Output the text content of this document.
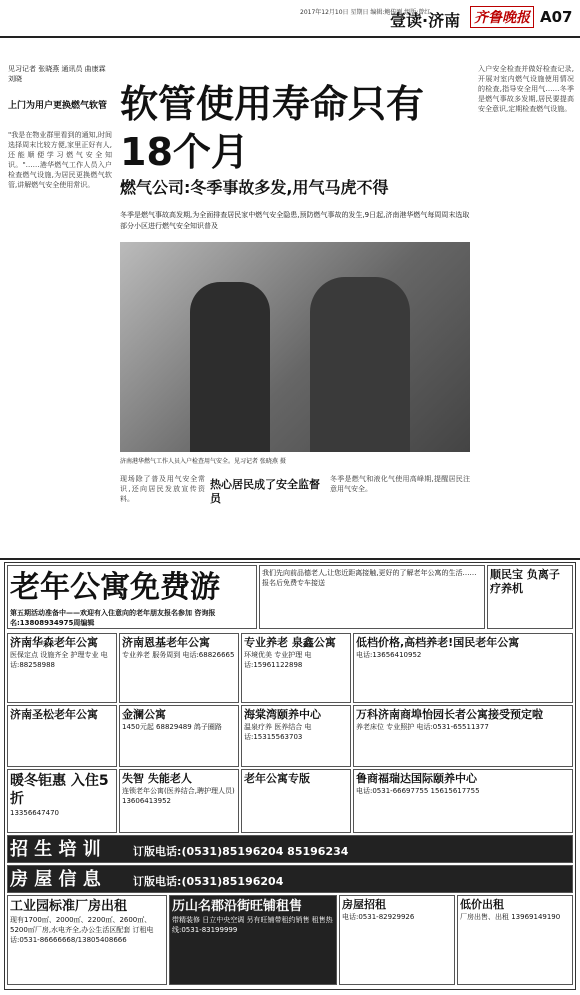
2017年12月10日 星期日 编辑:鲍传刚 组版:曾红
壹读·济南 齐鲁晚报 A07
见习记者 张晓燕 通讯员 曲康霖 刘晓
上门为用户更换燃气软管 软管使用寿命只有18个月
燃气公司:冬季事故多发,用气马虎不得
冬季是燃气事故高发期,为全面排查居民家中燃气安全隐患,预防燃气事故的发生,9日起,济南港华燃气每周周末选取部分小区进行燃气安全知识普及
"我是在物业群里看到的通知,时间选择周末比较方便,家里正好有人,还能顺便学习燃气安全知识。"……港华燃气工作人员入户检查燃气设施,为居民更换燃气软管,讲解燃气安全使用常识。
入户安全检查并做好检查记录,开展对室内燃气设施使用情况的检查,指导安全用气……冬季是燃气事故多发期,居民要提高安全意识,定期检查燃气设施。
济南港华燃气工作人员入户检查用气安全。见习记者 张晓燕 摄
现场除了普及用气安全常识,还向居民发放宣传资料。
热心居民成了安全监督员
冬季是燃气和液化气使用高峰期,提醒居民注意用气安全。
老年公寓免费游
第五期活动准备中——欢迎有入住意向的老年朋友报名参加 咨询报名:13808934975周编辑
我们先向前品德老人,让您近距离接触,更好的了解老年公寓的生活……报名后免费专车接送
顺民宝 负离子疗养机
济南华森老年公寓
医保定点 设施齐全 护理专业 电话:88258988
济南恩基老年公寓
专业养老 服务周到 电话:68826665
专业养老 泉鑫公寓
环境优美 专业护理 电话:15961122898
低档价格,高档养老!国民老年公寓
电话:13656410952
济南圣松老年公寓	金澜公寓
1450元起 68829489 鸽子圈路
海棠湾颐养中心
温泉疗养 医养结合 电话:15315563703
万科济南商埠怡园长者公寓接受预定啦
养老床位 专业照护 电话:0531-65511377
暖冬钜惠 入住5折
13356647470
失智 失能老人
连锁老年公寓(医养结合,聘护理人员) 13606413952
老年公寓专版	鲁商福瑞达国际颐养中心
电话:0531-66697755 15615617755
招 生 培 训	订版电话:(0531)85196204 85196234
房 屋 信 息	订版电话:(0531)85196204
工业园标准厂房出租
现有1700㎡、2000㎡、2200㎡、2600㎡、5200㎡厂房,水电齐全,办公生活区配套 订租电话:0531-86666668/13805408666
历山名郡沿街旺铺租售
带精装修 日立中央空调 另有旺铺带租约销售 租售热线:0531-83199999
房屋招租
电话:0531-82929926
低价出租
厂房出售、出租 13969149190
